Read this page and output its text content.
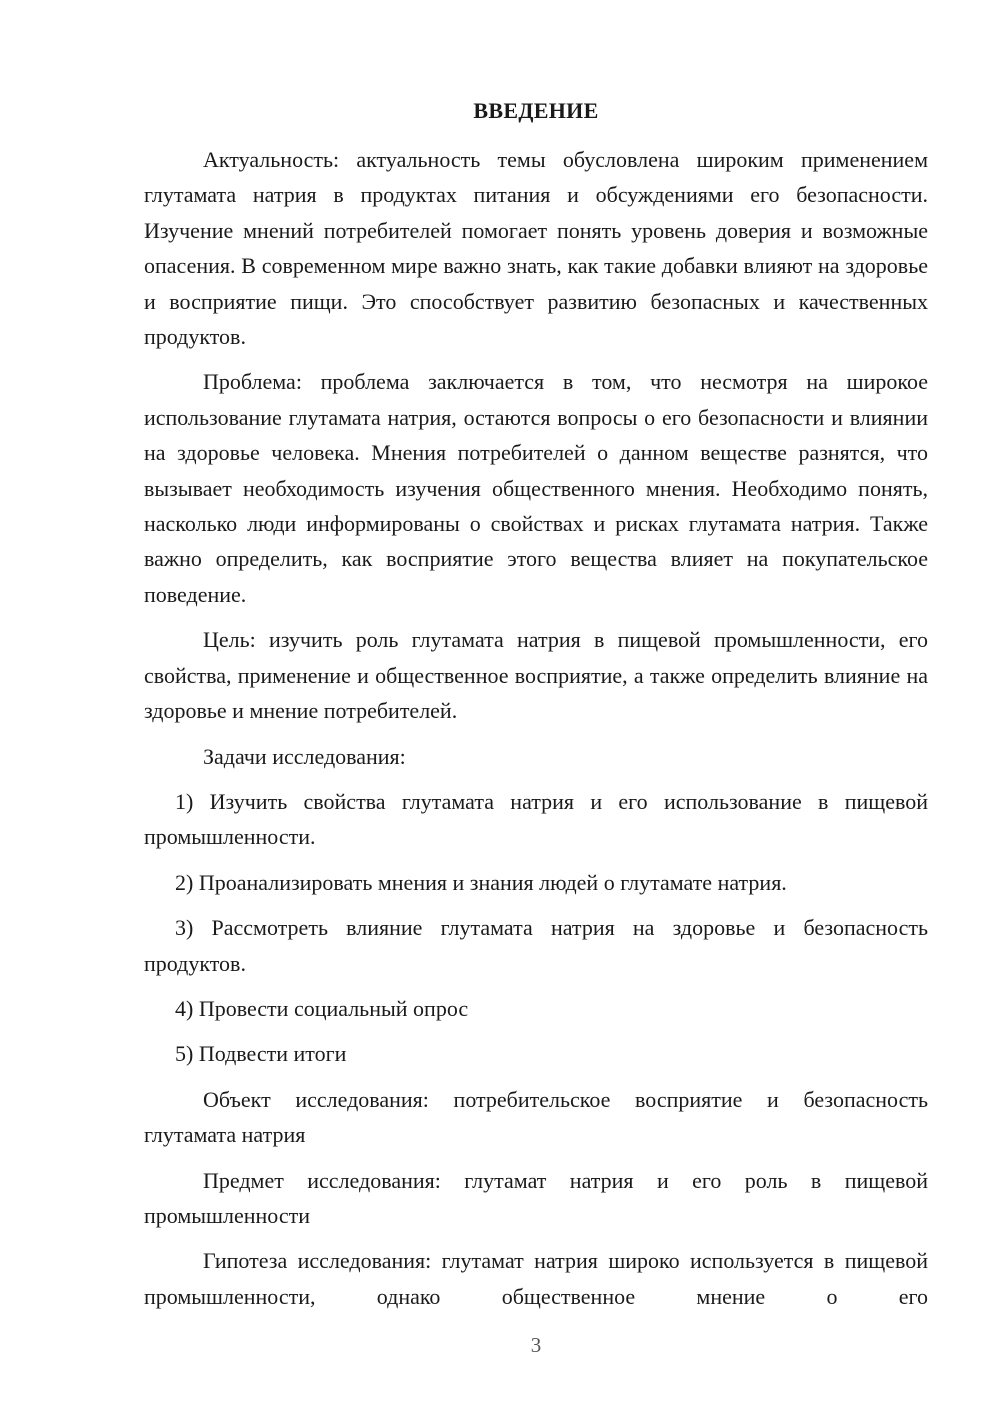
ВВЕДЕНИЕ

Актуальность: актуальность темы обусловлена широким применением глутамата натрия в продуктах питания и обсуждениями его безопасности. Изучение мнений потребителей помогает понять уровень доверия и возможные опасения. В современном мире важно знать, как такие добавки влияют на здоровье и восприятие пищи. Это способствует развитию безопасных и качественных продуктов.

Проблема: проблема заключается в том, что несмотря на широкое использование глутамата натрия, остаются вопросы о его безопасности и влиянии на здоровье человека. Мнения потребителей о данном веществе разнятся, что вызывает необходимость изучения общественного мнения. Необходимо понять, насколько люди информированы о свойствах и рисках глутамата натрия. Также важно определить, как восприятие этого вещества влияет на покупательское поведение.

Цель: изучить роль глутамата натрия в пищевой промышленности, его свойства, применение и общественное восприятие, а также определить влияние на здоровье и мнение потребителей.

Задачи исследования:

1) Изучить свойства глутамата натрия и его использование в пищевой промышленности.

2) Проанализировать мнения и знания людей о глутамате натрия.

3) Рассмотреть влияние глутамата натрия на здоровье и безопасность продуктов.

4) Провести социальный опрос

5) Подвести итоги

Объект исследования: потребительское восприятие и безопасность глутамата натрия

Предмет исследования: глутамат натрия и его роль в пищевой промышленности

Гипотеза исследования: глутамат натрия широко используется в пищевой промышленности, однако общественное мнение о его

3
